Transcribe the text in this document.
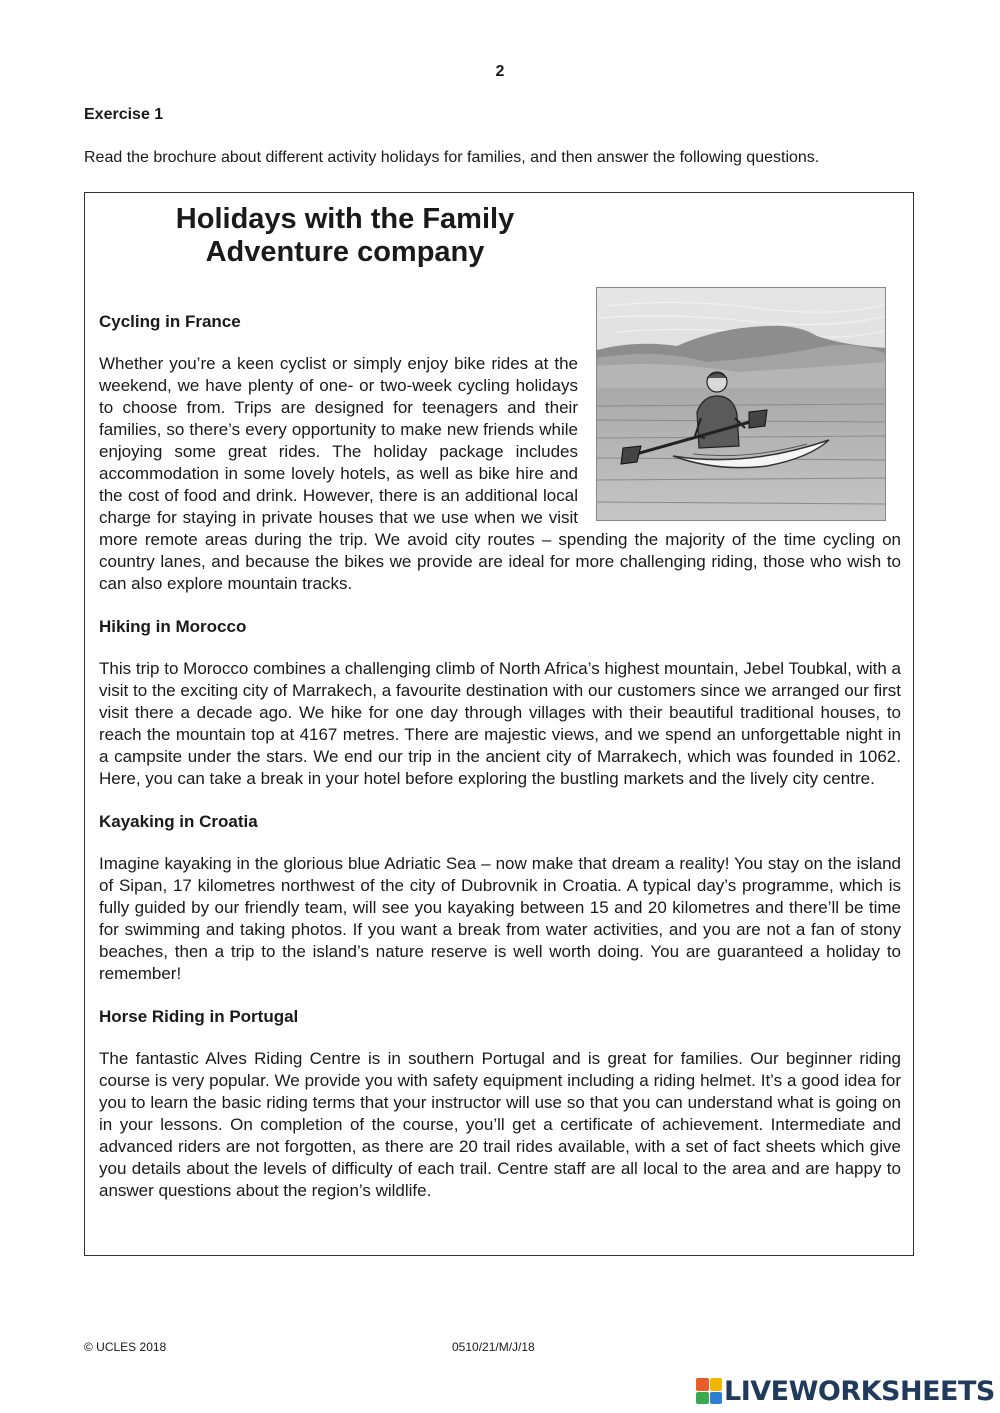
2
Exercise 1
Read the brochure about different activity holidays for families, and then answer the following questions.
Holidays with the Family
Adventure company
Cycling in France

Whether you’re a keen cyclist or simply enjoy bike rides at the weekend, we have plenty of one- or two-week cycling holidays to choose from. Trips are designed for teenagers and their families, so there’s every opportunity to make new friends while enjoying some great rides. The holiday package includes accommodation in some lovely hotels, as well as bike hire and the cost of food and drink. However, there is an additional local charge for staying in private houses that we use when we visit more remote areas during the trip. We avoid city routes – spending the majority of the time cycling on country lanes, and because the bikes we provide are ideal for more challenging riding, those who wish to can also explore mountain tracks.

Hiking in Morocco

This trip to Morocco combines a challenging climb of North Africa’s highest mountain, Jebel Toubkal, with a visit to the exciting city of Marrakech, a favourite destination with our customers since we arranged our first visit there a decade ago. We hike for one day through villages with their beautiful traditional houses, to reach the mountain top at 4167 metres. There are majestic views, and we spend an unforgettable night in a campsite under the stars. We end our trip in the ancient city of Marrakech, which was founded in 1062. Here, you can take a break in your hotel before exploring the bustling markets and the lively city centre.

Kayaking in Croatia

Imagine kayaking in the glorious blue Adriatic Sea – now make that dream a reality! You stay on the island of Sipan, 17 kilometres northwest of the city of Dubrovnik in Croatia. A typical day’s programme, which is fully guided by our friendly team, will see you kayaking between 15 and 20 kilometres and there’ll be time for swimming and taking photos. If you want a break from water activities, and you are not a fan of stony beaches, then a trip to the island’s nature reserve is well worth doing. You are guaranteed a holiday to remember!

Horse Riding in Portugal

The fantastic Alves Riding Centre is in southern Portugal and is great for families. Our beginner riding course is very popular. We provide you with safety equipment including a riding helmet. It’s a good idea for you to learn the basic riding terms that your instructor will use so that you can understand what is going on in your lessons. On completion of the course, you’ll get a certificate of achievement. Intermediate and advanced riders are not forgotten, as there are 20 trail rides available, with a set of fact sheets which give you details about the levels of difficulty of each trail. Centre staff are all local to the area and are happy to answer questions about the region’s wildlife.

© UCLES 2018	0510/21/M/J/18
LIVEWORKSHEETS
